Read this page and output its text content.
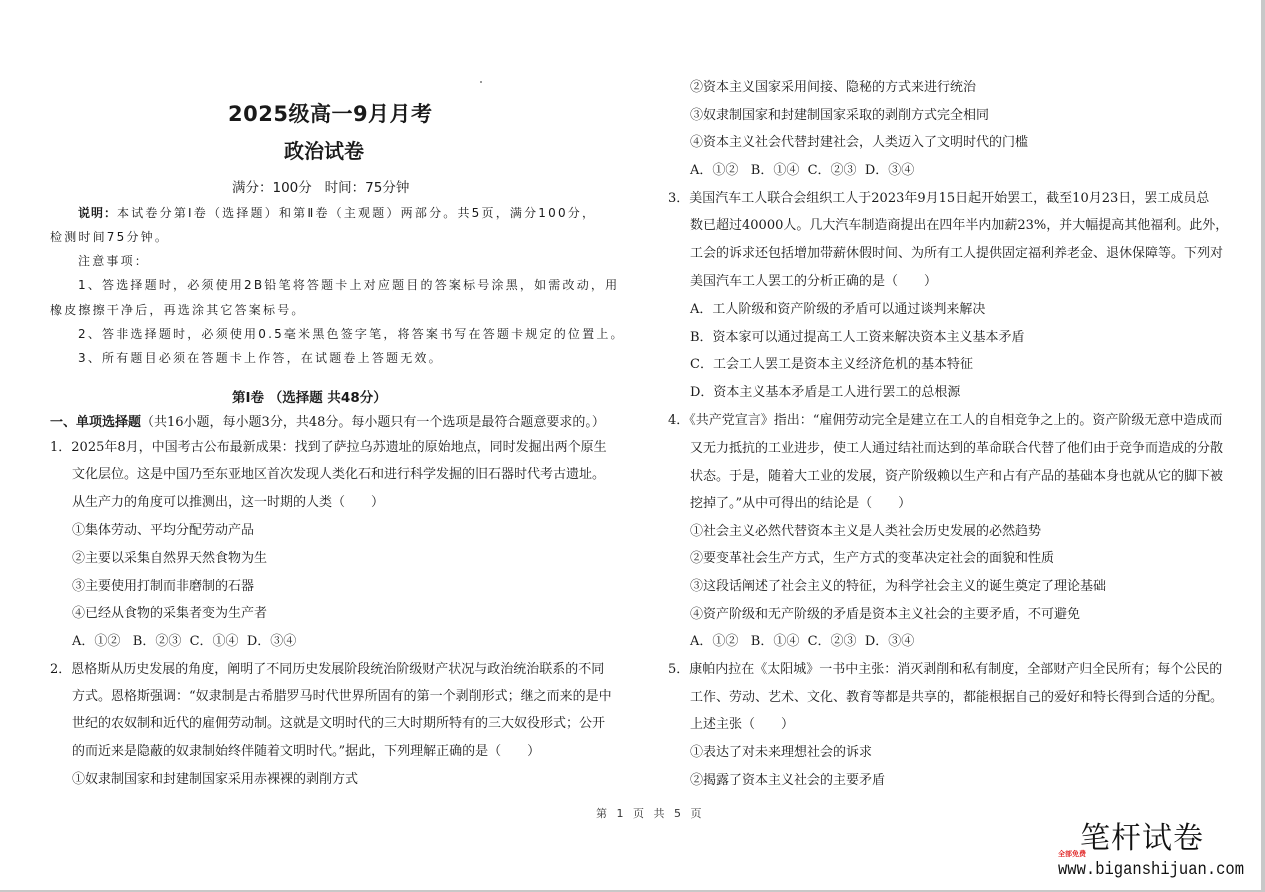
2025级高一9月月考
政治试卷
满分：100分   时间：75分钟
说明：本试卷分第Ⅰ卷（选择题）和第Ⅱ卷（主观题）两部分。共5页，满分100分，
检测时间75分钟。
注意事项：
1、答选择题时，必须使用2B铅笔将答题卡上对应题目的答案标号涂黑，如需改动，用
橡皮擦擦干净后，再选涂其它答案标号。
2、答非选择题时，必须使用0.5毫米黑色签字笔，将答案书写在答题卡规定的位置上。
3、所有题目必须在答题卡上作答，在试题卷上答题无效。
第Ⅰ卷 （选择题 共48分）
一、单项选择题（共16小题，每小题3分，共48分。每小题只有一个选项是最符合题意要求的。）
1．2025年8月，中国考古公布最新成果：找到了萨拉乌苏遗址的原始地点，同时发掘出两个原生
文化层位。这是中国乃至东亚地区首次发现人类化石和进行科学发掘的旧石器时代考古遗址。
从生产力的角度可以推测出，这一时期的人类（　　）
①集体劳动、平均分配劳动产品
②主要以采集自然界天然食物为生
③主要使用打制而非磨制的石器
④已经从食物的采集者变为生产者
A．①②   B．②③  C．①④  D．③④
2．恩格斯从历史发展的角度，阐明了不同历史发展阶段统治阶级财产状况与政治统治联系的不同
方式。恩格斯强调：“奴隶制是古希腊罗马时代世界所固有的第一个剥削形式；继之而来的是中
世纪的农奴制和近代的雇佣劳动制。这就是文明时代的三大时期所特有的三大奴役形式；公开
的而近来是隐蔽的奴隶制始终伴随着文明时代。”据此，下列理解正确的是（　　）
①奴隶制国家和封建制国家采用赤裸裸的剥削方式
②资本主义国家采用间接、隐秘的方式来进行统治
③奴隶制国家和封建制国家采取的剥削方式完全相同
④资本主义社会代替封建社会，人类迈入了文明时代的门槛
A．①②   B．①④  C．②③  D．③④
3．美国汽车工人联合会组织工人于2023年9月15日起开始罢工，截至10月23日，罢工成员总
数已超过40000人。几大汽车制造商提出在四年半内加薪23%，并大幅提高其他福利。此外，
工会的诉求还包括增加带薪休假时间、为所有工人提供固定福利养老金、退休保障等。下列对
美国汽车工人罢工的分析正确的是（　　）
A．工人阶级和资产阶级的矛盾可以通过谈判来解决
B．资本家可以通过提高工人工资来解决资本主义基本矛盾
C．工会工人罢工是资本主义经济危机的基本特征
D．资本主义基本矛盾是工人进行罢工的总根源
4．《共产党宣言》指出：“雇佣劳动完全是建立在工人的自相竞争之上的。资产阶级无意中造成而
又无力抵抗的工业进步，使工人通过结社而达到的革命联合代替了他们由于竞争而造成的分散
状态。于是，随着大工业的发展，资产阶级赖以生产和占有产品的基础本身也就从它的脚下被
挖掉了。”从中可得出的结论是（　　）
①社会主义必然代替资本主义是人类社会历史发展的必然趋势
②要变革社会生产方式，生产方式的变革决定社会的面貌和性质
③这段话阐述了社会主义的特征，为科学社会主义的诞生奠定了理论基础
④资产阶级和无产阶级的矛盾是资本主义社会的主要矛盾，不可避免
A．①②   B．①④  C．②③  D．③④
5．康帕内拉在《太阳城》一书中主张：消灭剥削和私有制度，全部财产归全民所有；每个公民的
工作、劳动、艺术、文化、教育等都是共享的，都能根据自己的爱好和特长得到合适的分配。
上述主张（　　）
①表达了对未来理想社会的诉求
②揭露了资本主义社会的主要矛盾
第 1 页 共 5 页
笔杆试卷
全部免费
www.biganshijuan.com
